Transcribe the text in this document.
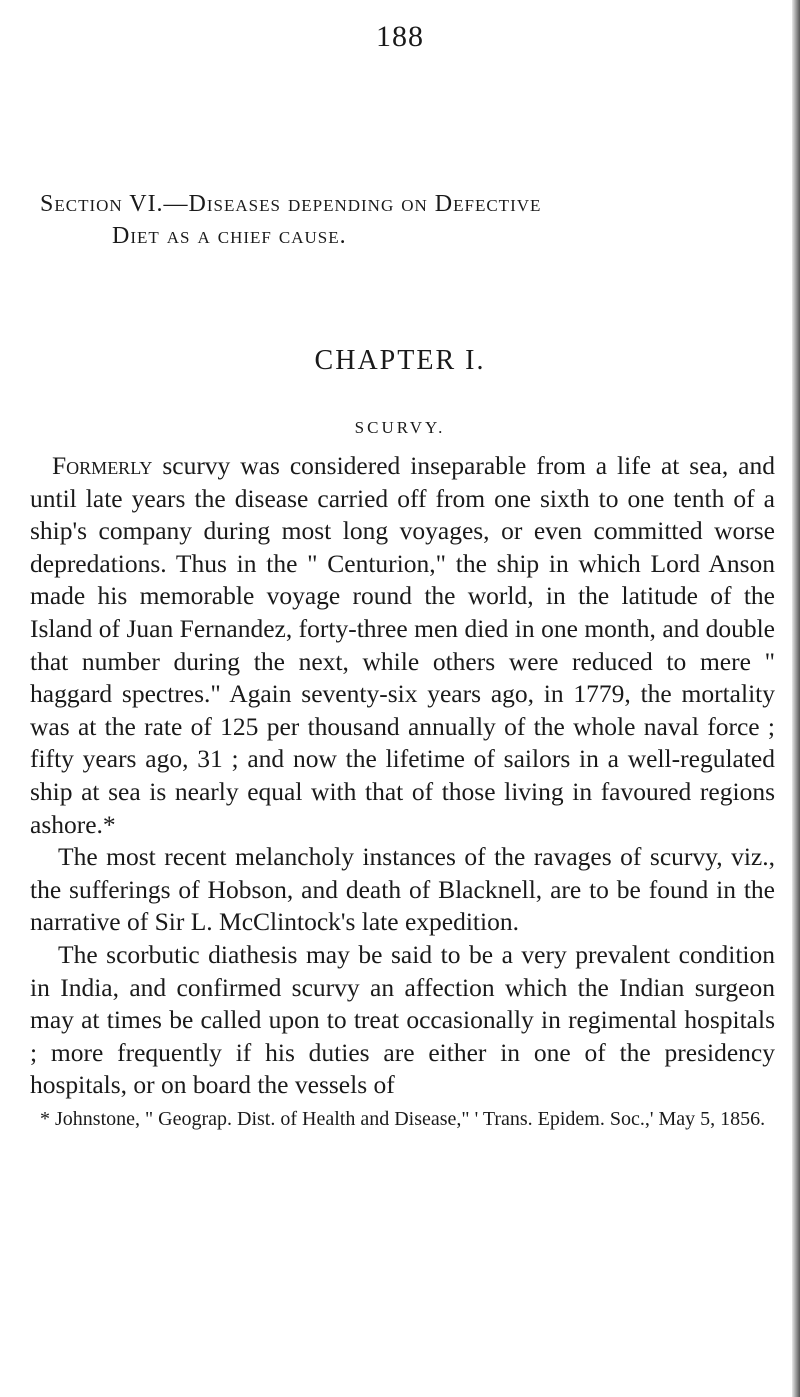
188
Section VI.—Diseases depending on Defective
Diet as a chief cause.
CHAPTER I.
SCURVY.

Formerly scurvy was considered inseparable from a life at sea, and until late years the disease carried off from one sixth to one tenth of a ship's company during most long voyages, or even committed worse depredations. Thus in the " Centurion," the ship in which Lord Anson made his memorable voyage round the world, in the latitude of the Island of Juan Fernandez, forty-three men died in one month, and double that number during the next, while others were reduced to mere " haggard spectres." Again seventy-six years ago, in 1779, the mortality was at the rate of 125 per thousand annually of the whole naval force ; fifty years ago, 31 ; and now the lifetime of sailors in a well-regulated ship at sea is nearly equal with that of those living in favoured regions ashore.*

The most recent melancholy instances of the ravages of scurvy, viz., the sufferings of Hobson, and death of Blacknell, are to be found in the narrative of Sir L. McClintock's late expedition.

The scorbutic diathesis may be said to be a very prevalent condition in India, and confirmed scurvy an affection which the Indian surgeon may at times be called upon to treat occasionally in regimental hospitals ; more frequently if his duties are either in one of the presidency hospitals, or on board the vessels of

* Johnstone, " Geograp. Dist. of Health and Disease," ' Trans. Epidem. Soc.,' May 5, 1856.
